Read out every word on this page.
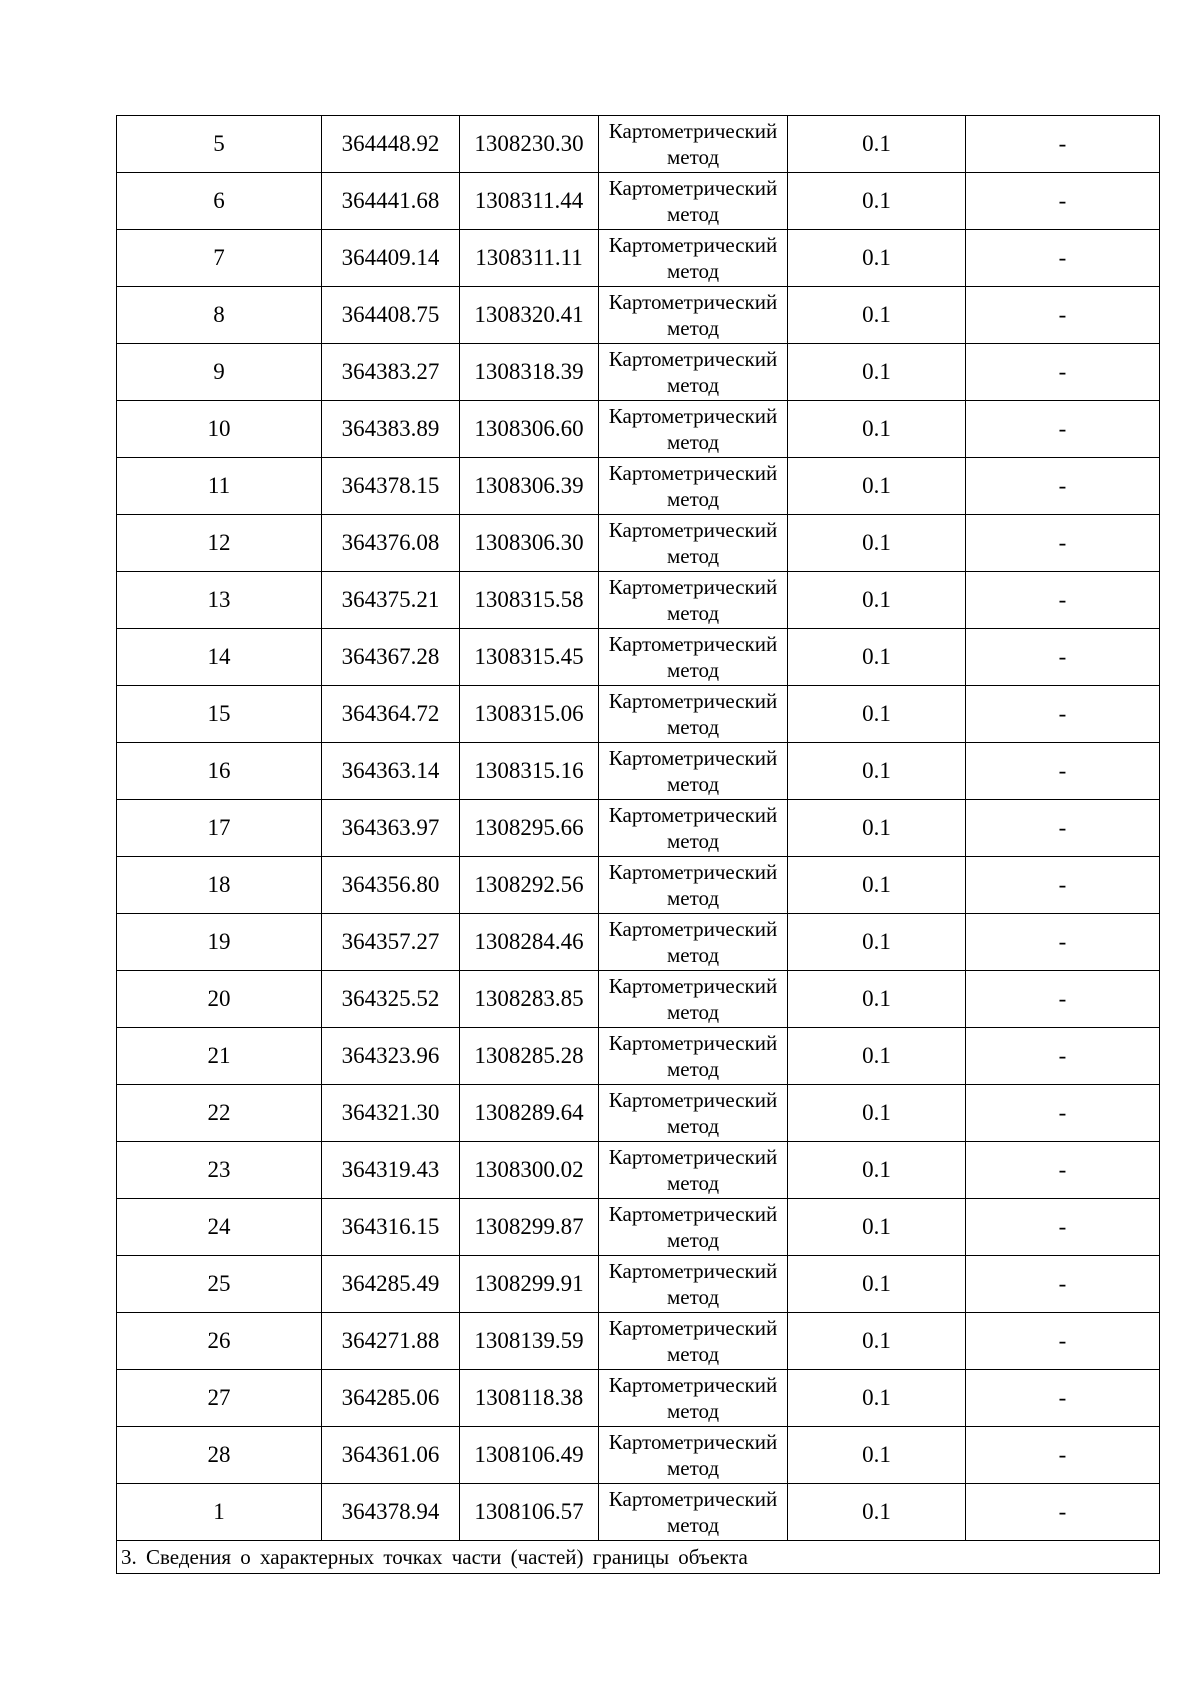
5	364448.92	1308230.30	Картометрический метод	0.1	-
6	364441.68	1308311.44	Картометрический метод	0.1	-
7	364409.14	1308311.11	Картометрический метод	0.1	-
8	364408.75	1308320.41	Картометрический метод	0.1	-
9	364383.27	1308318.39	Картометрический метод	0.1	-
10	364383.89	1308306.60	Картометрический метод	0.1	-
11	364378.15	1308306.39	Картометрический метод	0.1	-
12	364376.08	1308306.30	Картометрический метод	0.1	-
13	364375.21	1308315.58	Картометрический метод	0.1	-
14	364367.28	1308315.45	Картометрический метод	0.1	-
15	364364.72	1308315.06	Картометрический метод	0.1	-
16	364363.14	1308315.16	Картометрический метод	0.1	-
17	364363.97	1308295.66	Картометрический метод	0.1	-
18	364356.80	1308292.56	Картометрический метод	0.1	-
19	364357.27	1308284.46	Картометрический метод	0.1	-
20	364325.52	1308283.85	Картометрический метод	0.1	-
21	364323.96	1308285.28	Картометрический метод	0.1	-
22	364321.30	1308289.64	Картометрический метод	0.1	-
23	364319.43	1308300.02	Картометрический метод	0.1	-
24	364316.15	1308299.87	Картометрический метод	0.1	-
25	364285.49	1308299.91	Картометрический метод	0.1	-
26	364271.88	1308139.59	Картометрический метод	0.1	-
27	364285.06	1308118.38	Картометрический метод	0.1	-
28	364361.06	1308106.49	Картометрический метод	0.1	-
1	364378.94	1308106.57	Картометрический метод	0.1	-
3. Сведения о характерных точках части (частей) границы объекта					
